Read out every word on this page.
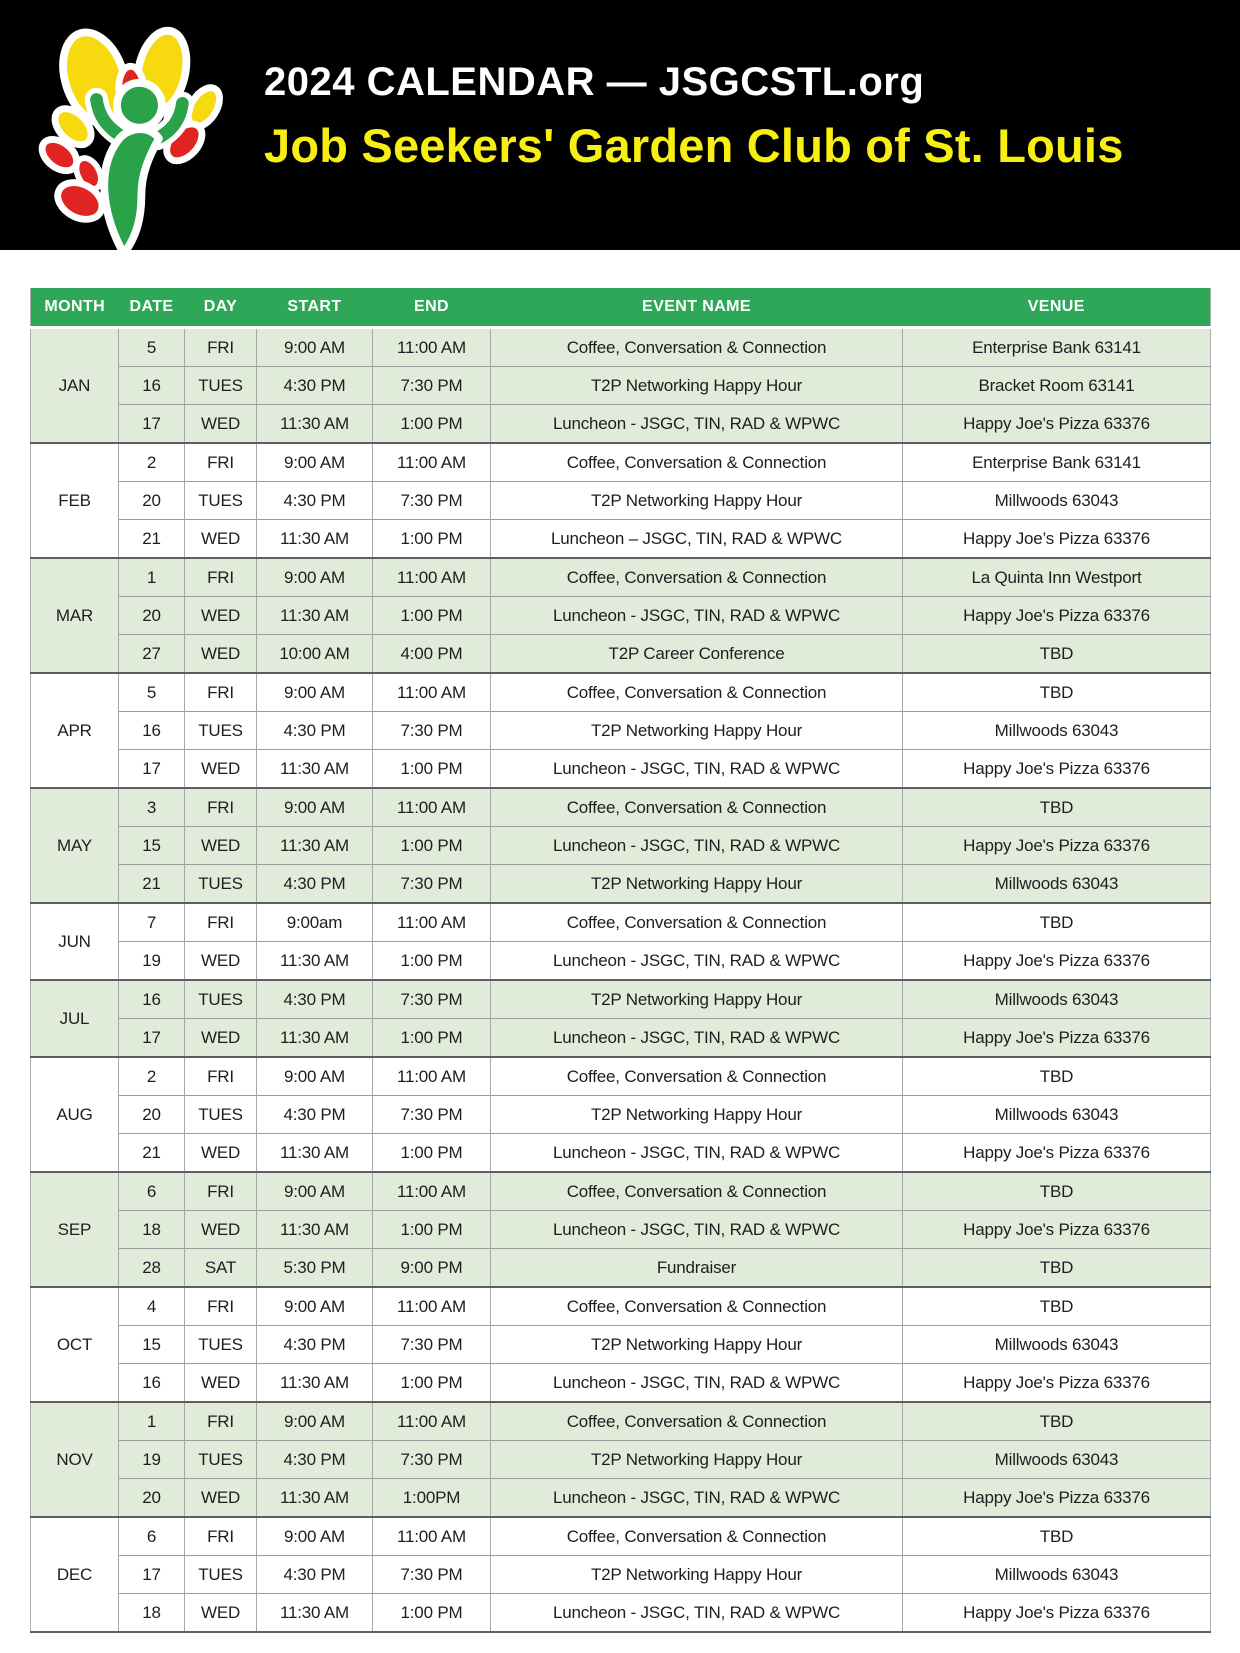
2024 CALENDAR — JSGCSTL.org
Job Seekers' Garden Club of St. Louis
MONTH	DATE	DAY	START	END	EVENT NAME	VENUE
JAN	5	FRI	9:00 AM	11:00 AM	Coffee, Conversation & Connection	Enterprise Bank 63141
	16	TUES	4:30 PM	7:30 PM	T2P Networking Happy Hour	Bracket Room 63141
	17	WED	11:30 AM	1:00 PM	Luncheon - JSGC, TIN, RAD & WPWC	Happy Joe's Pizza 63376
FEB	2	FRI	9:00 AM	11:00 AM	Coffee, Conversation & Connection	Enterprise Bank 63141
	20	TUES	4:30 PM	7:30 PM	T2P Networking Happy Hour	Millwoods 63043
	21	WED	11:30 AM	1:00 PM	Luncheon – JSGC, TIN, RAD & WPWC	Happy Joe’s Pizza 63376
MAR	1	FRI	9:00 AM	11:00 AM	Coffee, Conversation & Connection	La Quinta Inn Westport
	20	WED	11:30 AM	1:00 PM	Luncheon - JSGC, TIN, RAD & WPWC	Happy Joe's Pizza 63376
	27	WED	10:00 AM	4:00 PM	T2P Career Conference	TBD
APR	5	FRI	9:00 AM	11:00 AM	Coffee, Conversation & Connection	TBD
	16	TUES	4:30 PM	7:30 PM	T2P Networking Happy Hour	Millwoods 63043
	17	WED	11:30 AM	1:00 PM	Luncheon - JSGC, TIN, RAD & WPWC	Happy Joe's Pizza 63376
MAY	3	FRI	9:00 AM	11:00 AM	Coffee, Conversation & Connection	TBD
	15	WED	11:30 AM	1:00 PM	Luncheon - JSGC, TIN, RAD & WPWC	Happy Joe's Pizza 63376
	21	TUES	4:30 PM	7:30 PM	T2P Networking Happy Hour	Millwoods 63043
JUN	7	FRI	9:00am	11:00 AM	Coffee, Conversation & Connection	TBD
	19	WED	11:30 AM	1:00 PM	Luncheon - JSGC, TIN, RAD & WPWC	Happy Joe's Pizza 63376
JUL	16	TUES	4:30 PM	7:30 PM	T2P Networking Happy Hour	Millwoods 63043
	17	WED	11:30 AM	1:00 PM	Luncheon - JSGC, TIN, RAD & WPWC	Happy Joe's Pizza 63376
AUG	2	FRI	9:00 AM	11:00 AM	Coffee, Conversation & Connection	TBD
	20	TUES	4:30 PM	7:30 PM	T2P Networking Happy Hour	Millwoods 63043
	21	WED	11:30 AM	1:00 PM	Luncheon - JSGC, TIN, RAD & WPWC	Happy Joe's Pizza 63376
SEP	6	FRI	9:00 AM	11:00 AM	Coffee, Conversation & Connection	TBD
	18	WED	11:30 AM	1:00 PM	Luncheon - JSGC, TIN, RAD & WPWC	Happy Joe's Pizza 63376
	28	SAT	5:30 PM	9:00 PM	Fundraiser	TBD
OCT	4	FRI	9:00 AM	11:00 AM	Coffee, Conversation & Connection	TBD
	15	TUES	4:30 PM	7:30 PM	T2P Networking Happy Hour	Millwoods 63043
	16	WED	11:30 AM	1:00 PM	Luncheon - JSGC, TIN, RAD & WPWC	Happy Joe's Pizza 63376
NOV	1	FRI	9:00 AM	11:00 AM	Coffee, Conversation & Connection	TBD
	19	TUES	4:30 PM	7:30 PM	T2P Networking Happy Hour	Millwoods 63043
	20	WED	11:30 AM	1:00PM	Luncheon - JSGC, TIN, RAD & WPWC	Happy Joe's Pizza 63376
DEC	6	FRI	9:00 AM	11:00 AM	Coffee, Conversation & Connection	TBD
	17	TUES	4:30 PM	7:30 PM	T2P Networking Happy Hour	Millwoods 63043
	18	WED	11:30 AM	1:00 PM	Luncheon - JSGC, TIN, RAD & WPWC	Happy Joe's Pizza 63376
